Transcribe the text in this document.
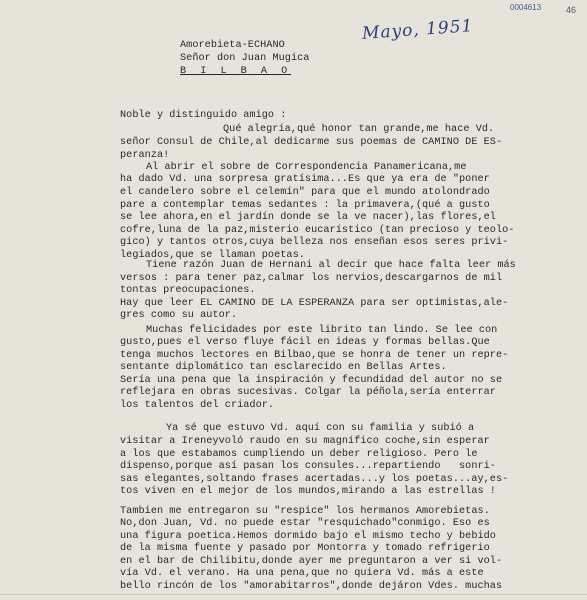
0004613	46
Mayo, 1951
Amorebieta-ECHANO
Señor don Juan Mugica
B I L B A O
Noble y distinguido amigo :
Qué alegría,qué honor tan grande,me hace Vd.
señor Consul de Chile,al dedicarme sus poemas de CAMINO DE ES-
peranza!
Al abrir el sobre de Correspondencia Panamericana,me
ha dado Vd. una sorpresa gratísima...Es que ya era de "poner
el candelero sobre el celemín" para que el mundo atolondrado
pare a contemplar temas sedantes : la primavera,(qué a gusto
se lee ahora,en el jardín donde se la ve nacer),las flores,el
cofre,luna de la paz,misterio eucarístico (tan precioso y teolo-
gico) y tantos otros,cuya belleza nos enseñan esos seres privi-
legiados,que se llaman poetas.
Tiene razón Juan de Hernani al decir que hace falta leer más
versos : para tener paz,calmar los nervios,descargarnos de mil
tontas preocupaciones.
Hay que leer EL CAMINO DE LA ESPERANZA para ser optimistas,ale-
gres como su autor.
Muchas felicidades por este librito tan lindo. Se lee con
gusto,pues el verso fluye fácil en ideas y formas bellas.Que
tenga muchos lectores en Bilbao,que se honra de tener un repre-
sentante diplomático tan esclarecido en Bellas Artes.
Sería una pena que la inspiración y fecundidad del autor no se
reflejara en obras sucesivas. Colgar la péñola,sería enterrar
los talentos del criador.
Ya sé que estuvo Vd. aquí con su familia y subió a
visitar a Ireneyvoló raudo en su magnífico coche,sin esperar
a los que estabamos cumpliendo un deber religioso. Pero le
dispenso,porque así pasan los consules...repartiendo   sonri-
sas elegantes,soltando frases acertadas...y los poetas...ay,es-
tos viven en el mejor de los mundos,mirando a las estrellas !
Tambien me entregaron su "respice" los hermanos Amorebietas.
No,don Juan, Vd. no puede estar "resquichado"conmigo. Eso es
una figura poetica.Hemos dormido bajo el mismo techo y bebido
de la misma fuente y pasado por Montorra y tomado refrigerio
en el bar de Chilibitu,donde ayer me preguntaron a ver si vol-
vía Vd. el verano. Ha una pena,que no quiera Vd. más a este
bello rincón de los "amorabitarros",donde dejáron Vdes. muchas
simpatías...si aquí es mejor el agua,el aire más sano y el sol
más brillante. Deben de volver.
